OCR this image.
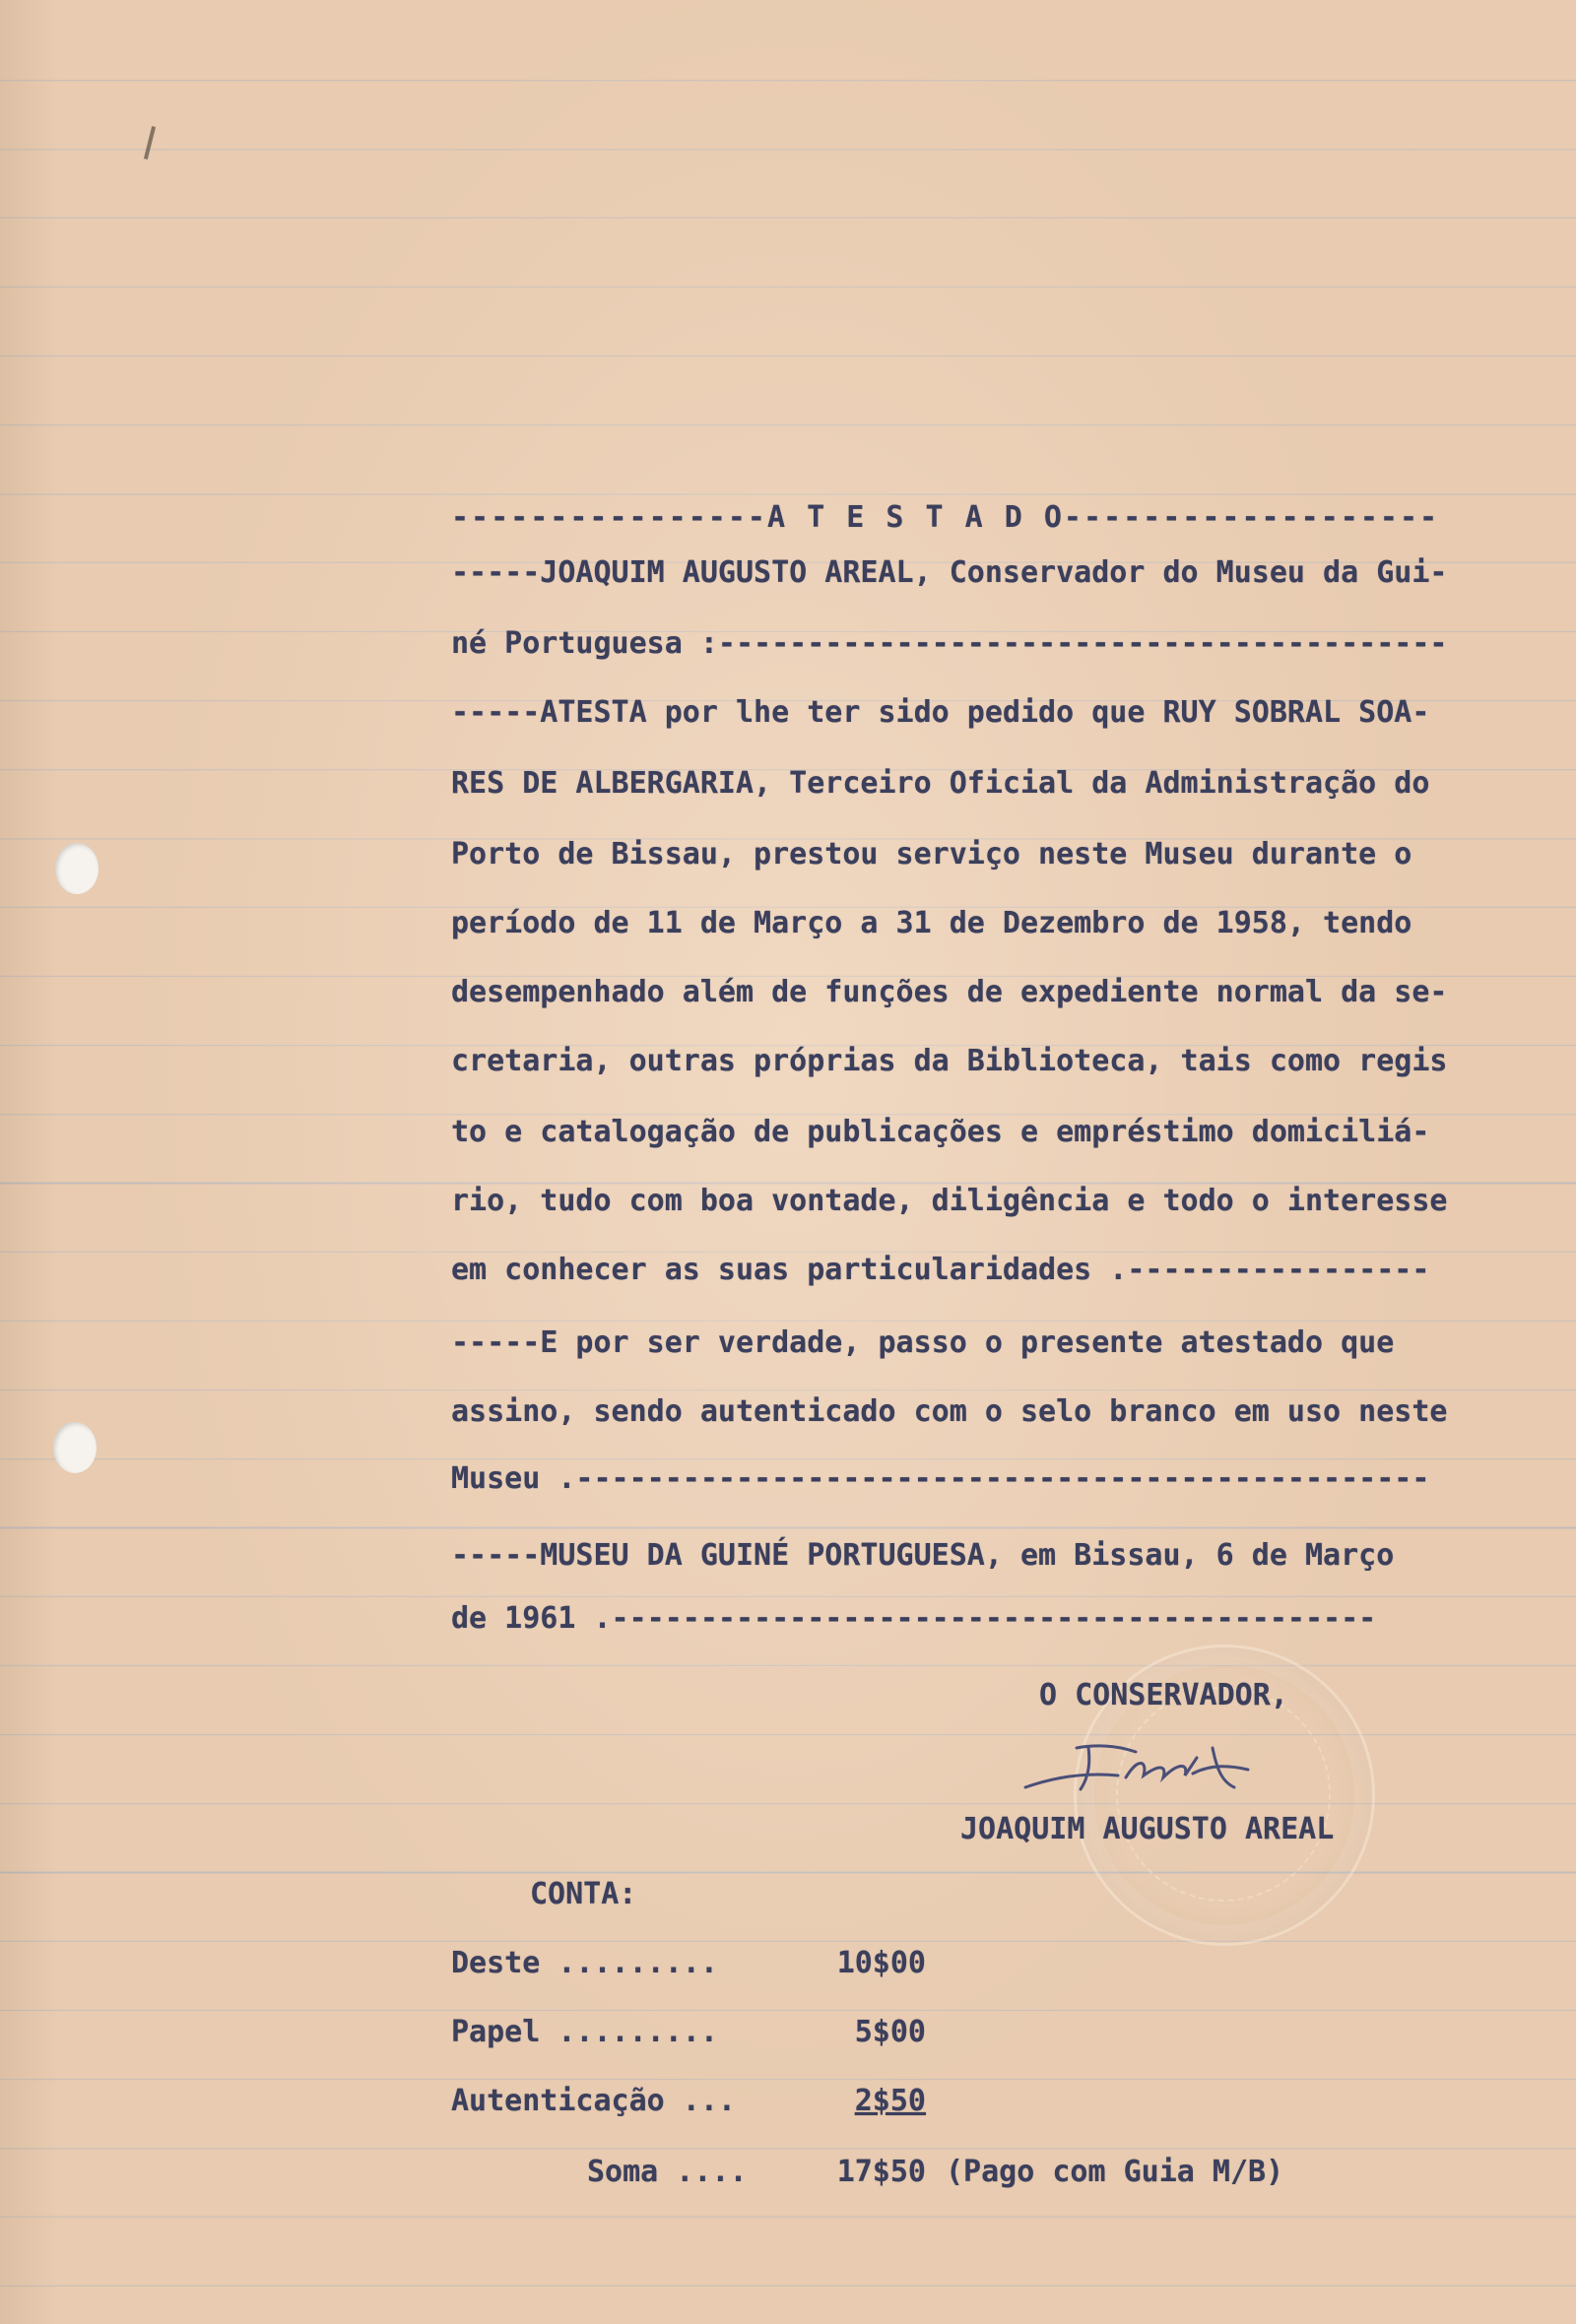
----------------A T E S T A D O-------------------
-----JOAQUIM AUGUSTO AREAL, Conservador do Museu da Gui-
né Portuguesa :-----------------------------------------
-----ATESTA por lhe ter sido pedido que RUY SOBRAL SOA-
RES DE ALBERGARIA, Terceiro Oficial da Administração do
Porto de Bissau, prestou serviço neste Museu durante o
período de 11 de Março a 31 de Dezembro de 1958, tendo
desempenhado além de funções de expediente normal da se-
cretaria, outras próprias da Biblioteca, tais como regis
to e catalogação de publicações e empréstimo domiciliá-
rio, tudo com boa vontade, diligência e todo o interesse
em conhecer as suas particularidades .-----------------
-----E por ser verdade, passo o presente atestado que
assino, sendo autenticado com o selo branco em uso neste
Museu .------------------------------------------------
-----MUSEU DA GUINÉ PORTUGUESA, em Bissau, 6 de Março
de 1961 .-------------------------------------------
O CONSERVADOR,
JOAQUIM AUGUSTO AREAL
CONTA:
Deste .........	10$00
Papel .........	5$00
Autenticação ...	2$50
Soma ....	17$50 (Pago com Guia M/B)
